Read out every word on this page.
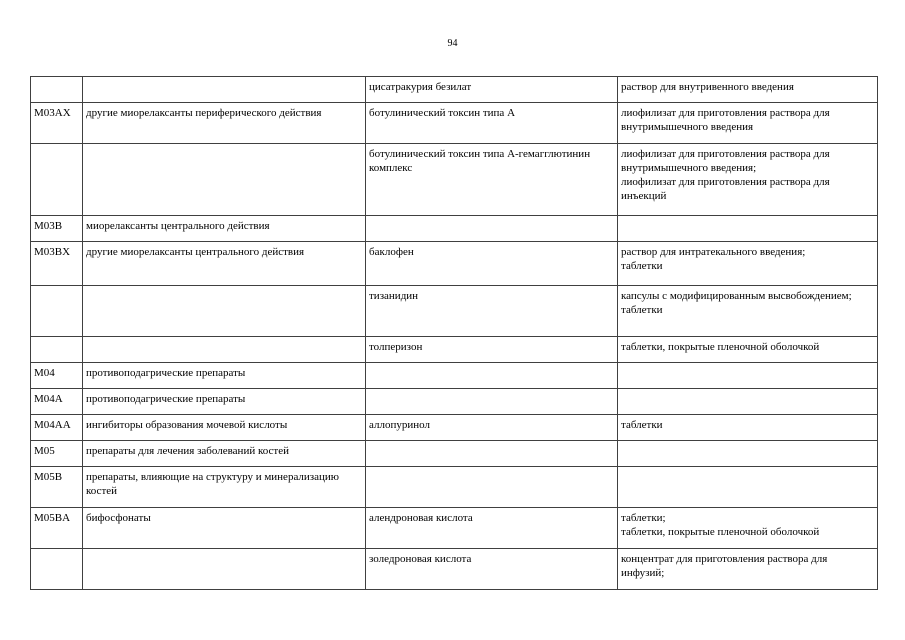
94
		цисатракурия безилат	раствор для внутривенного введения

M03AX	другие миорелаксанты периферического действия	ботулинический токсин типа A	лиофилизат для приготовления раствора для внутримышечного введения

		ботулинический токсин типа A-гемагглютинин комплекс	лиофилизат для приготовления раствора для внутримышечного введения;
лиофилизат для приготовления раствора для инъекций

M03B	миорелаксанты центрального действия		
M03BX	другие миорелаксанты центрального действия	баклофен	раствор для интратекального введения;
таблетки

		тизанидин	капсулы с модифицированным высвобождением;
таблетки

		толперизон	таблетки, покрытые пленочной оболочкой

M04	противоподагрические препараты		
M04A	противоподагрические препараты		
M04AA	ингибиторы образования мочевой кислоты	аллопуринол	таблетки

M05	препараты для лечения заболеваний костей		
M05B	препараты, влияющие на структуру и минерализацию костей		
M05BA	бифосфонаты	алендроновая кислота	таблетки;
таблетки, покрытые пленочной оболочкой

		золедроновая кислота	концентрат для приготовления раствора для инфузий;
